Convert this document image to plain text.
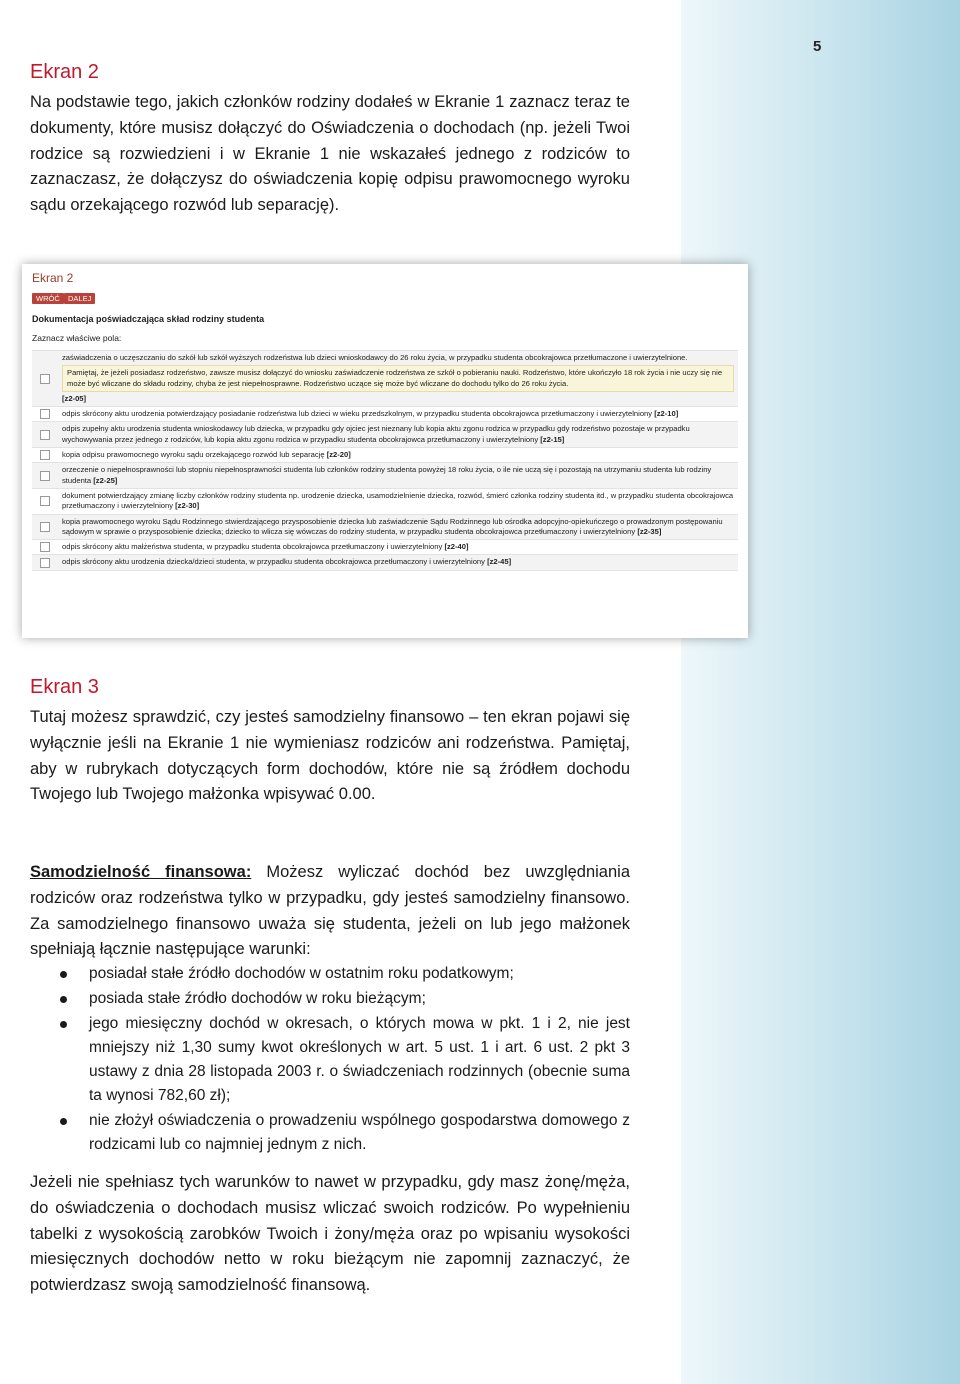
5
Ekran 2

Na podstawie tego, jakich członków rodziny dodałeś w Ekranie 1 zaznacz teraz te dokumenty, które musisz dołączyć do Oświadczenia o dochodach (np. jeżeli Twoi rodzice są rozwiedzieni i w Ekranie 1 nie wskazałeś jednego z rodziców to zaznaczasz, że dołączysz do oświadczenia kopię odpisu prawomocnego wyroku sądu orzekającego rozwód lub separację).

Ekran 2
WRÓĆ	DALEJ
Dokumentacja poświadczająca skład rodziny studenta
Zaznacz właściwe pola:
zaświadczenia o uczęszczaniu do szkół lub szkół wyższych rodzeństwa lub dzieci wnioskodawcy do 26 roku życia, w przypadku studenta obcokrajowca przetłumaczone i uwierzytelnione.
Pamiętaj, że jeżeli posiadasz rodzeństwo, zawsze musisz dołączyć do wniosku zaświadczenie rodzeństwa ze szkół o pobieraniu nauki. Rodzeństwo, które ukończyło 18 rok życia i nie uczy się nie może być wliczane do składu rodziny, chyba że jest niepełnosprawne. Rodzeństwo uczące się może być wliczane do dochodu tylko do 26 roku życia.
[z2-05]
odpis skrócony aktu urodzenia potwierdzający posiadanie rodzeństwa lub dzieci w wieku przedszkolnym, w przypadku studenta obcokrajowca przetłumaczony i uwierzytelniony [z2-10]
odpis zupełny aktu urodzenia studenta wnioskodawcy lub dziecka, w przypadku gdy ojciec jest nieznany lub kopia aktu zgonu rodzica w przypadku gdy rodzeństwo pozostaje w przypadku wychowywania przez jednego z rodziców, lub kopia aktu zgonu rodzica w przypadku studenta obcokrajowca przetłumaczony i uwierzytelniony [z2-15]
kopia odpisu prawomocnego wyroku sądu orzekającego rozwód lub separację [z2-20]
orzeczenie o niepełnosprawności lub stopniu niepełnosprawności studenta lub członków rodziny studenta powyżej 18 roku życia, o ile nie uczą się i pozostają na utrzymaniu studenta lub rodziny studenta [z2-25]
dokument potwierdzający zmianę liczby członków rodziny studenta np. urodzenie dziecka, usamodzielnienie dziecka, rozwód, śmierć członka rodziny studenta itd., w przypadku studenta obcokrajowca przetłumaczony i uwierzytelniony [z2-30]
kopia prawomocnego wyroku Sądu Rodzinnego stwierdzającego przysposobienie dziecka lub zaświadczenie Sądu Rodzinnego lub ośrodka adopcyjno-opiekuńczego o prowadzonym postępowaniu sądowym w sprawie o przysposobienie dziecka; dziecko to wlicza się wówczas do rodziny studenta, w przypadku studenta obcokrajowca przetłumaczony i uwierzytelniony [z2-35]
odpis skrócony aktu małżeństwa studenta, w przypadku studenta obcokrajowca przetłumaczony i uwierzytelniony [z2-40]
odpis skrócony aktu urodzenia dziecka/dzieci studenta, w przypadku studenta obcokrajowca przetłumaczony i uwierzytelniony [z2-45]
Ekran 3

Tutaj możesz sprawdzić, czy jesteś samodzielny finansowo – ten ekran pojawi się wyłącznie jeśli na Ekranie 1 nie wymieniasz rodziców ani rodzeństwa. Pamiętaj, aby w rubrykach dotyczących form dochodów, które nie są źródłem dochodu Twojego lub Twojego małżonka wpisywać 0.00.

Samodzielność finansowa: Możesz wyliczać dochód bez uwzględniania rodziców oraz rodzeństwa tylko w przypadku, gdy jesteś samodzielny finansowo. Za samodzielnego finansowo uważa się studenta, jeżeli on lub jego małżonek spełniają łącznie następujące warunki:

posiadał stałe źródło dochodów w ostatnim roku podatkowym;
posiada stałe źródło dochodów w roku bieżącym;
jego miesięczny dochód w okresach, o których mowa w pkt. 1 i 2, nie jest mniejszy niż 1,30 sumy kwot określonych w art. 5 ust. 1 i art. 6 ust. 2 pkt 3 ustawy z dnia 28 listopada 2003 r. o świadczeniach rodzinnych (obecnie suma ta wynosi 782,60 zł);
nie złożył oświadczenia o prowadzeniu wspólnego gospodarstwa domowego z rodzicami lub co najmniej jednym z nich.

Jeżeli nie spełniasz tych warunków to nawet w przypadku, gdy masz żonę/męża, do oświadczenia o dochodach musisz wliczać swoich rodziców. Po wypełnieniu tabelki z wysokością zarobków Twoich i żony/męża oraz po wpisaniu wysokości miesięcznych dochodów netto w roku bieżącym nie zapomnij zaznaczyć, że potwierdzasz swoją samodzielność finansową.
